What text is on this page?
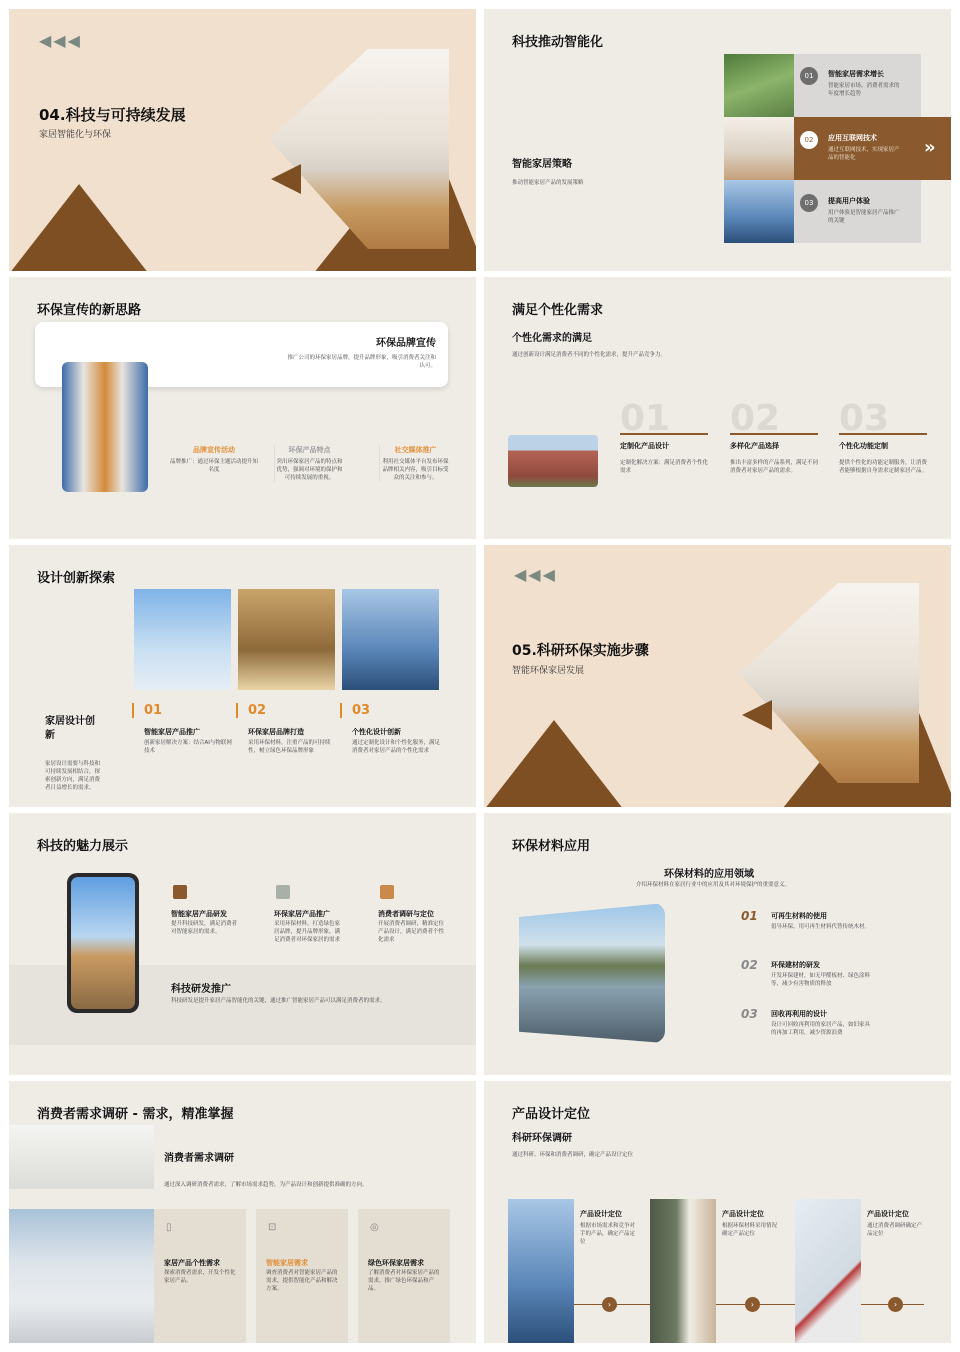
◀◀◀
04.科技与可持续发展
家居智能化与环保
科技推动智能化
智能家居策略
推动智能家居产品的发展策略
»
01	智能家居需求增长
智能家居市场，消费者需求的年度增长趋势
02	应用互联网技术
通过互联网技术，实现家居产品的智能化
03	提高用户体验
用户体验是智能家居产品推广的关键
环保宣传的新思路
环保品牌宣传
推广公司的环保家居品牌，提升品牌形象，吸引消费者关注和认可。
品牌宣传活动
品牌推广：通过环保主题活动提升知名度
环保产品特点
突出环保家居产品的特点和优势，强调对环境的保护和可持续发展的重视。
社交媒体推广
利用社交媒体平台发布环保品牌相关内容，吸引目标受众的关注和参与。
满足个性化需求
个性化需求的满足
通过创新设计满足消费者不同的个性化需求，提升产品竞争力。
01
定制化产品设计
定制化解决方案：满足消费者个性化需求
02
多样化产品选择
推出丰富多样的产品系列，满足不同消费者对家居产品的需求。
03
个性化功能定制
提供个性化的功能定制服务，让消费者能够根据自身需求定制家居产品。
设计创新探索
家居设计创新
家居设计需要与科技和可持续发展相结合，探索创新方向，满足消费者日益增长的需求。
01
智能家居产品推广
创新家居解决方案：结合AI与物联网技术
02
环保家居品牌打造
采用环保材料，注重产品的可持续性，树立绿色环保品牌形象
03
个性化设计创新
通过定制化设计和个性化服务，满足消费者对家居产品的个性化需求
◀◀◀
05.科研环保实施步骤
智能环保家居发展
科技的魅力展示
智能家居产品研发
提升科技研发，满足消费者对智能家居的需求。
环保家居产品推广
采用环保材料，打造绿色家居品牌，提升品牌形象，满足消费者对环保家居的需求
消费者调研与定位
开展消费者调研，精准定位产品设计，满足消费者个性化需求
科技研发推广
科技研发是提升家居产品智能化的关键，通过推广智能家居产品可以满足消费者的需求。
环保材料应用
环保材料的应用领域
介绍环保材料在家居行业中的应用及其对环境保护的重要意义。
01 可再生材料的使用
倡导环保，用可再生材料代替传统木材。
02 环保建材的研发
开发环保建材，如无甲醛板材、绿色涂料等，减少有害物质的释放
03 回收再利用的设计
设计可回收再利用的家居产品，如旧家具的再加工利用，减少资源浪费
消费者需求调研 - 需求，精准掌握
消费者需求调研
通过深入调研消费者需求，了解市场需求趋势，为产品设计和创新提供准确的方向。
▯	⊡	◎
家居产品个性需求
探索消费者需求，开发个性化家居产品。
智能家居需求
调查消费者对智能家居产品的需求，提供智能化产品和解决方案。
绿色环保家居需求
了解消费者对环保家居产品的需求，推广绿色环保品和产品。
产品设计定位
科研环保调研
通过科研、环保和消费者调研，确定产品设计定位
产品设计定位
根据市场需求和竞争对手的产品，确定产品定位
产品设计定位
根据环保材料采用情况确定产品定位
产品设计定位
通过消费者调研确定产品定位
›	›	›
